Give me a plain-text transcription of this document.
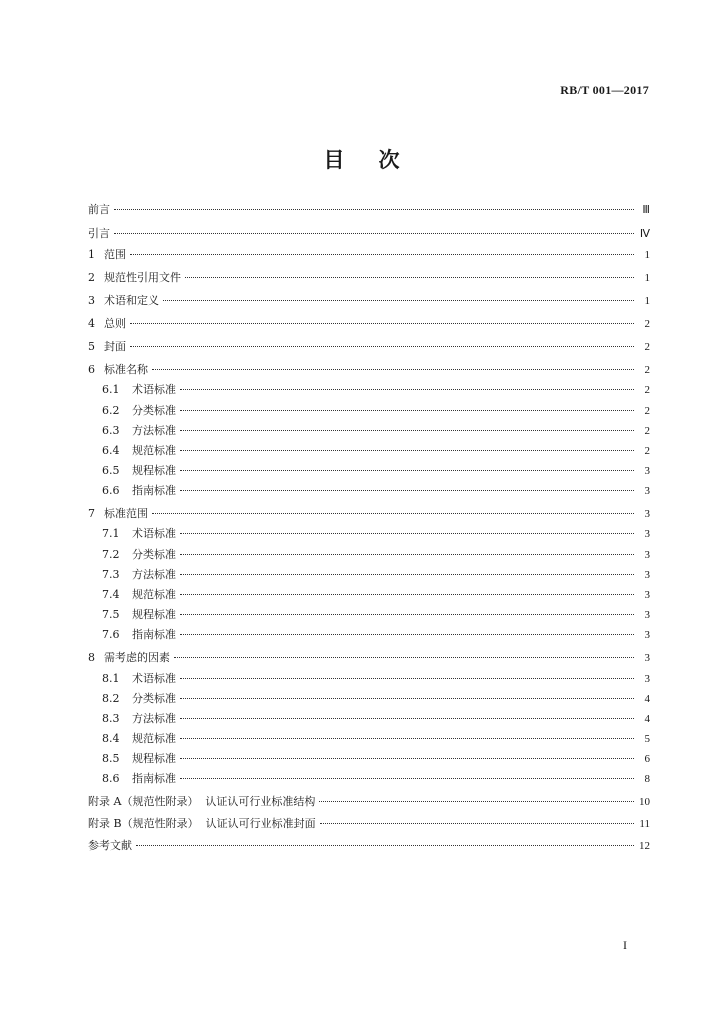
RB/T 001—2017
目次
前言	Ⅲ
引言	Ⅳ
1 范围	1
2 规范性引用文件	1
3 术语和定义	1
4 总则	2
5 封面	2
6 标准名称	2
6.1 术语标准	2
6.2 分类标准	2
6.3 方法标准	2
6.4 规范标准	2
6.5 规程标准	3
6.6 指南标准	3
7 标准范围	3
7.1 术语标准	3
7.2 分类标准	3
7.3 方法标准	3
7.4 规范标准	3
7.5 规程标准	3
7.6 指南标准	3
8 需考虑的因素	3
8.1 术语标准	3
8.2 分类标准	4
8.3 方法标准	4
8.4 规范标准	5
8.5 规程标准	6
8.6 指南标准	8
附录 A（规范性附录）  认证认可行业标准结构	10
附录 B（规范性附录）  认证认可行业标准封面	11
参考文献	12
I
